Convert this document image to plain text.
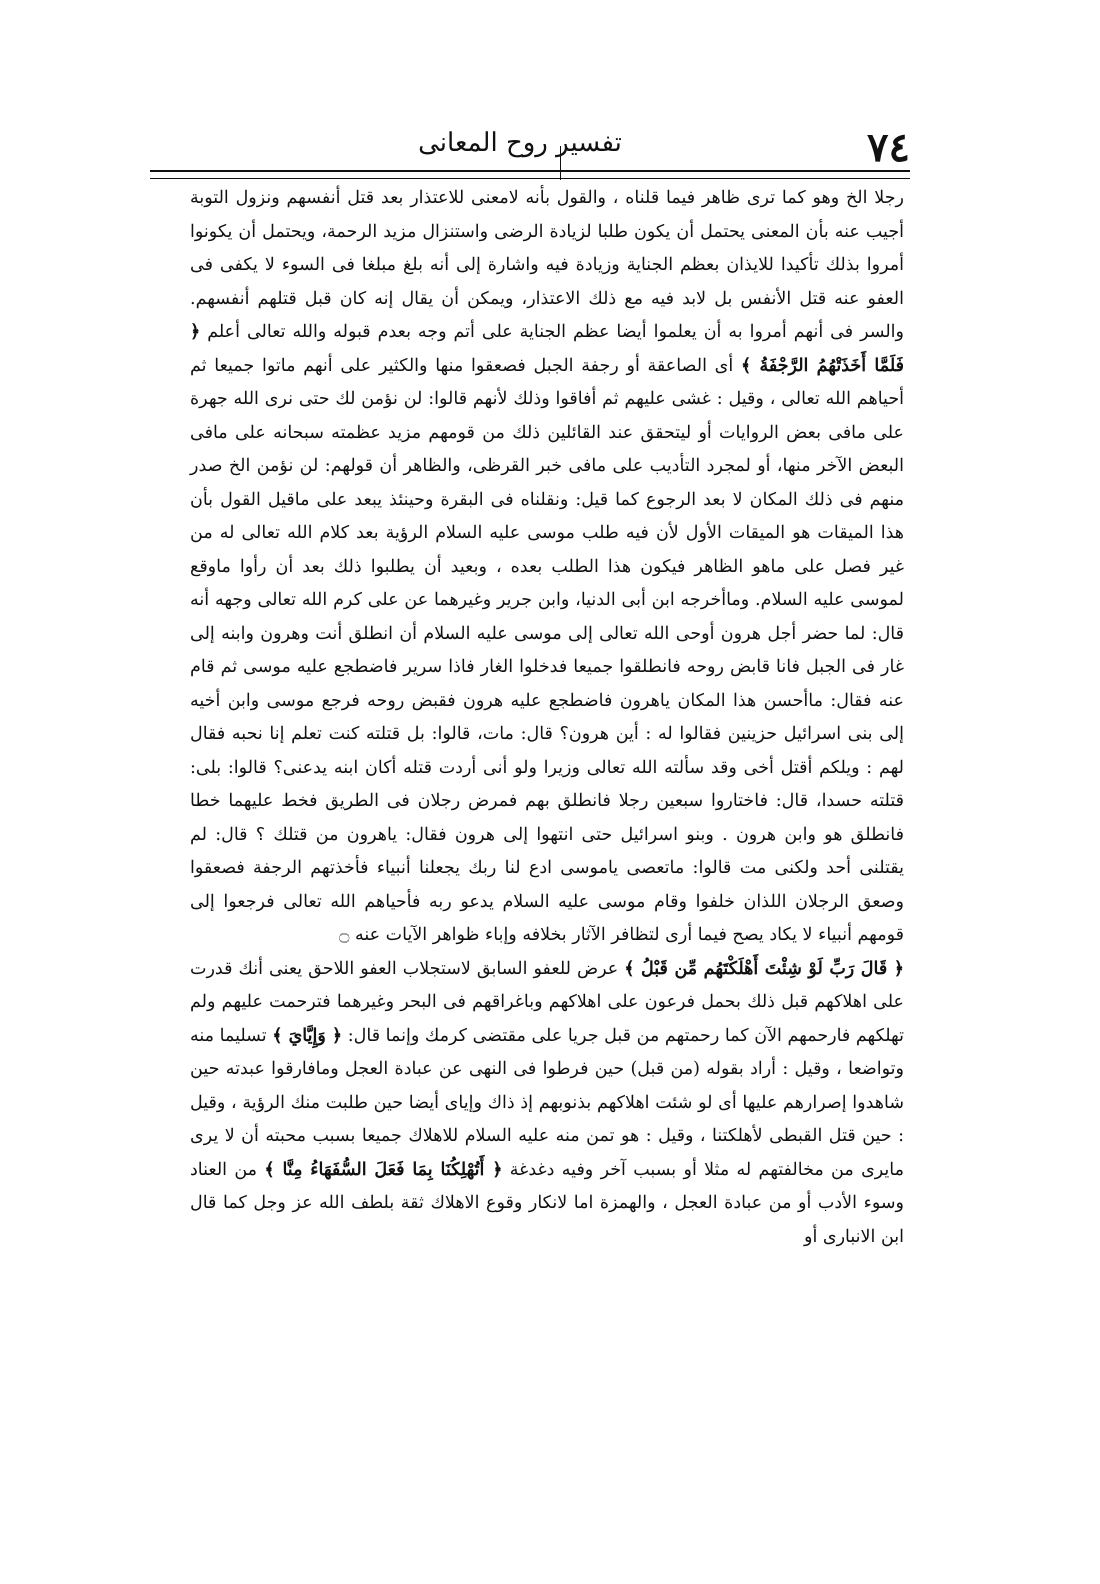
٧٤
تفسير روح المعانى

رجلا الخ وهو كما ترى ظاهر فيما قلناه ، والقول بأنه لامعنى للاعتذار بعد قتل أنفسهم ونزول التوبة أجيب عنه بأن المعنى يحتمل أن يكون طلبا لزيادة الرضى واستنزال مزيد الرحمة، ويحتمل أن يكونوا أمروا بذلك تأكيدا للايذان بعظم الجناية وزيادة فيه واشارة إلى أنه بلغ مبلغا فى السوء لا يكفى فى العفو عنه قتل الأنفس بل لابد فيه مع ذلك الاعتذار، ويمكن أن يقال إنه كان قبل قتلهم أنفسهم. والسر فى أنهم أمروا به أن يعلموا أيضا عظم الجناية على أتم وجه بعدم قبوله والله تعالى أعلم ﴿ فَلَمَّا أَخَذَتْهُمُ الرَّجْفَةُ ﴾ أى الصاعقة أو رجفة الجبل فصعقوا منها والكثير على أنهم ماتوا جميعا ثم أحياهم الله تعالى ، وقيل : غشى عليهم ثم أفاقوا وذلك لأنهم قالوا: لن نؤمن لك حتى نرى الله جهرة على مافى بعض الروايات أو ليتحقق عند القائلين ذلك من قومهم مزيد عظمته سبحانه على مافى البعض الآخر منها، أو لمجرد التأديب على مافى خبر القرظى، والظاهر أن قولهم: لن نؤمن الخ صدر منهم فى ذلك المكان لا بعد الرجوع كما قيل: ونقلناه فى البقرة وحينئذ يبعد على ماقيل القول بأن هذا الميقات هو الميقات الأول لأن فيه طلب موسى عليه السلام الرؤية بعد كلام الله تعالى له من غير فصل على ماهو الظاهر فيكون هذا الطلب بعده ، وبعيد أن يطلبوا ذلك بعد أن رأوا ماوقع لموسى عليه السلام. وماأخرجه ابن أبى الدنيا، وابن جرير وغيرهما عن على كرم الله تعالى وجهه أنه قال: لما حضر أجل هرون أوحى الله تعالى إلى موسى عليه السلام أن انطلق أنت وهرون وابنه إلى غار فى الجبل فانا قابض روحه فانطلقوا جميعا فدخلوا الغار فاذا سرير فاضطجع عليه موسى ثم قام عنه فقال: ماأحسن هذا المكان ياهرون فاضطجع عليه هرون فقبض روحه فرجع موسى وابن أخيه إلى بنى اسرائيل حزينين فقالوا له : أين هرون؟ قال: مات، قالوا: بل قتلته كنت تعلم إنا نحبه فقال لهم : ويلكم أقتل أخى وقد سألته الله تعالى وزيرا ولو أنى أردت قتله أكان ابنه يدعنى؟ قالوا: بلى: قتلته حسدا، قال: فاختاروا سبعين رجلا فانطلق بهم فمرض رجلان فى الطريق فخط عليهما خطا فانطلق هو وابن هرون . وبنو اسرائيل حتى انتهوا إلى هرون فقال: ياهرون من قتلك ؟ قال: لم يقتلنى أحد ولكنى مت قالوا: ماتعصى ياموسى ادع لنا ربك يجعلنا أنبياء فأخذتهم الرجفة فصعقوا وصعق الرجلان اللذان خلفوا وقام موسى عليه السلام يدعو ربه فأحياهم الله تعالى فرجعوا إلى قومهم أنبياء لا يكاد يصح فيما أرى لتظافر الآثار بخلافه وإباء ظواهر الآيات عنه ۝

﴿ قَالَ رَبِّ لَوْ شِئْتَ أَهْلَكْتَهُم مِّن قَبْلُ ﴾ عرض للعفو السابق لاستجلاب العفو اللاحق يعنى أنك قدرت على اهلاكهم قبل ذلك بحمل فرعون على اهلاكهم وباغراقهم فى البحر وغيرهما فترحمت عليهم ولم تهلكهم فارحمهم الآن كما رحمتهم من قبل جريا على مقتضى كرمك وإنما قال: ﴿ وَإِيَّايَ ﴾ تسليما منه وتواضعا ، وقيل : أراد بقوله (من قبل) حين فرطوا فى النهى عن عبادة العجل ومافارقوا عبدته حين شاهدوا إصرارهم عليها أى لو شئت اهلاكهم بذنوبهم إذ ذاك وإياى أيضا حين طلبت منك الرؤية ، وقيل : حين قتل القبطى لأهلكتنا ، وقيل : هو تمن منه عليه السلام للاهلاك جميعا بسبب محبته أن لا يرى مايرى من مخالفتهم له مثلا أو بسبب آخر وفيه دغدغة ﴿ أَتُهْلِكُنَا بِمَا فَعَلَ السُّفَهَاءُ مِنَّا ﴾ من العناد وسوء الأدب أو من عبادة العجل ، والهمزة اما لانكار وقوع الاهلاك ثقة بلطف الله عز وجل كما قال ابن الانبارى أو
